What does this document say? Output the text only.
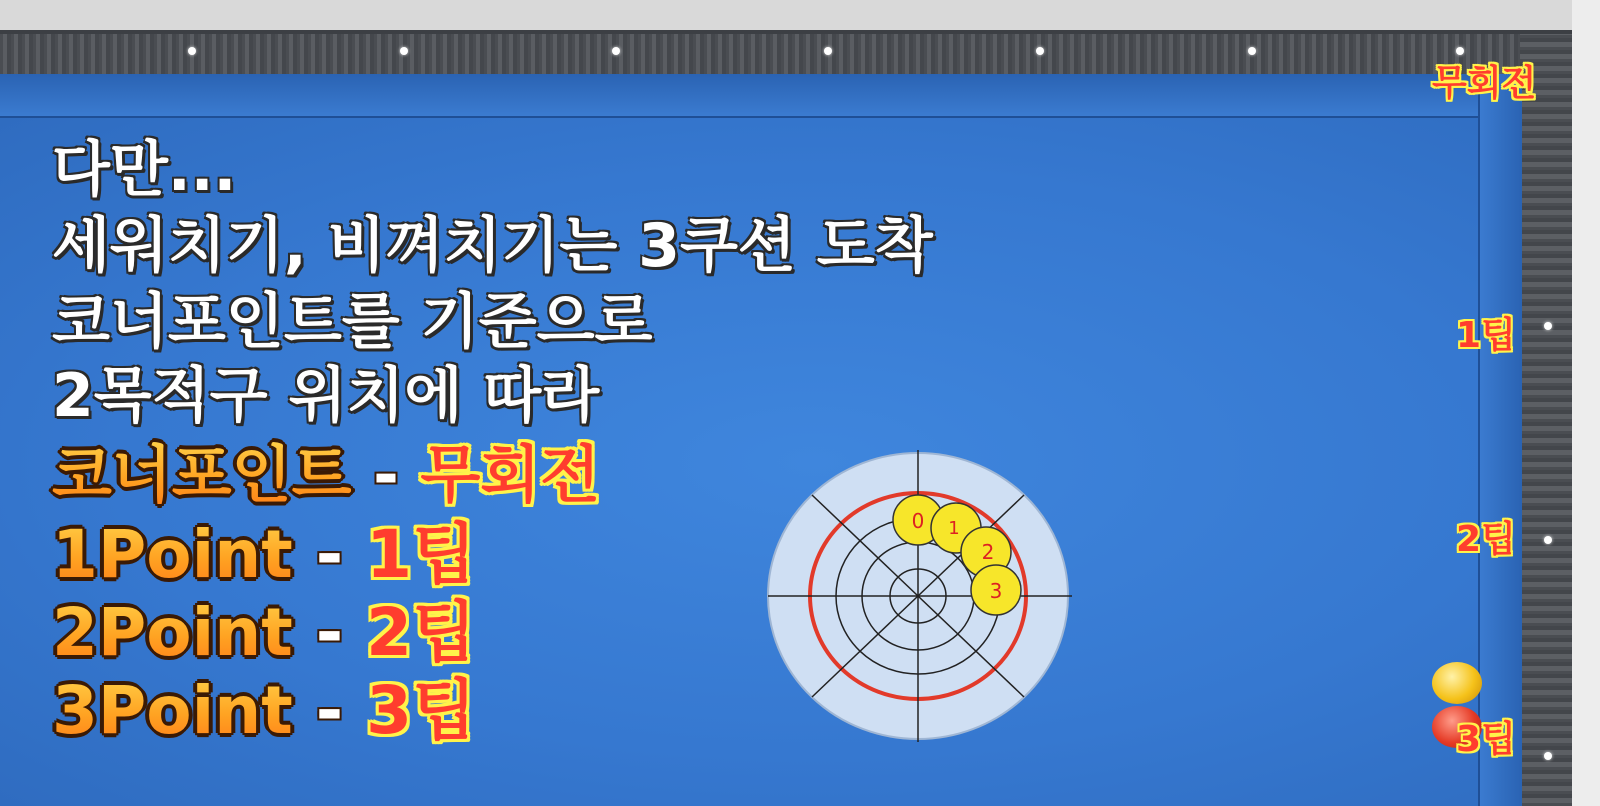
무회전
1팁
2팁
3팁
다만...
세워치기, 비껴치기는 3쿠션 도착
코너포인트를 기준으로
2목적구 위치에 따라
코너포인트 - 무회전
1Point - 1팁
2Point - 2팁
3Point - 3팁
0 1
2
3
